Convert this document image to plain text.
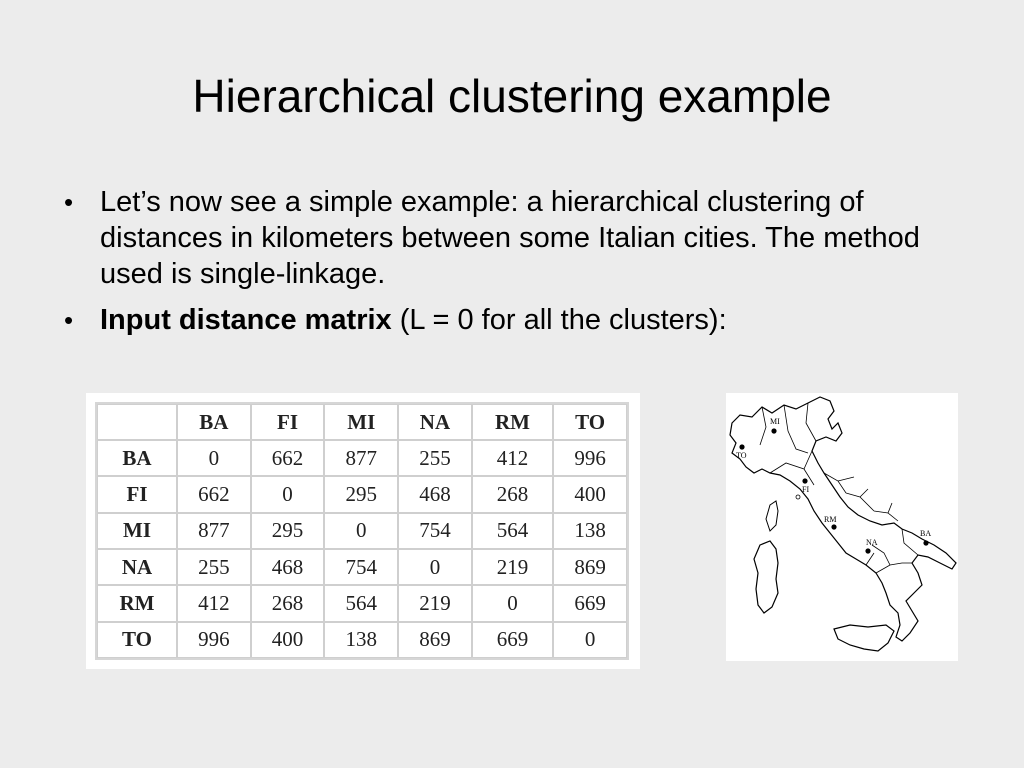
Hierarchical clustering example
• Let’s now see a simple example: a hierarchical clustering of distances in kilometers between some Italian cities. The method used is single-linkage.
• Input distance matrix (L = 0 for all the clusters):
	BA	FI	MI	NA	RM	TO
BA	0	662	877	255	412	996
FI	662	0	295	468	268	400
MI	877	295	0	754	564	138
NA	255	468	754	0	219	869
RM	412	268	564	219	0	669
TO	996	400	138	869	669	0
MI
TO
FI
RM
NA
BA
